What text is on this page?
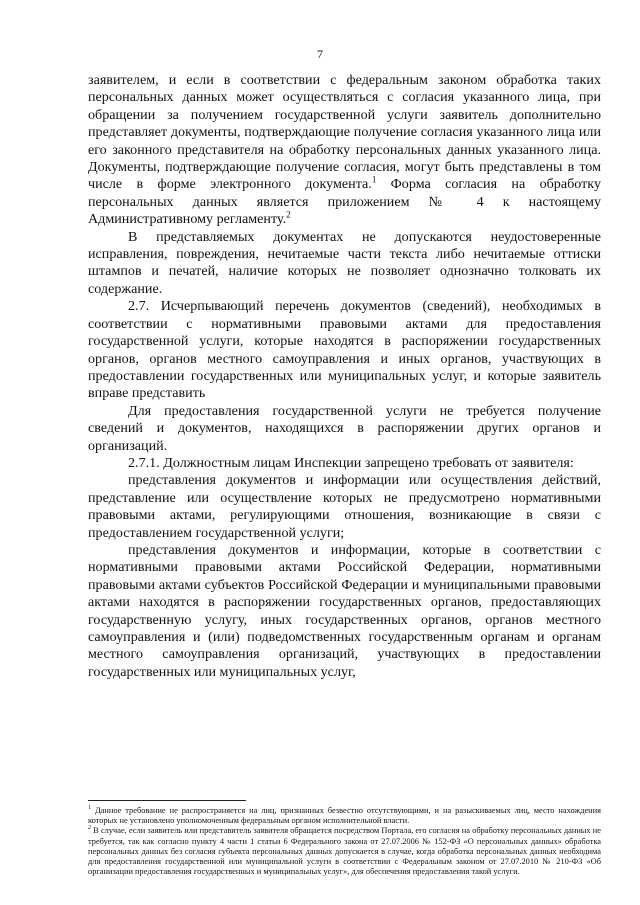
7

заявителем, и если в соответствии с федеральным законом обработка таких персональных данных может осуществляться с согласия указанного лица, при обращении за получением государственной услуги заявитель дополнительно представляет документы, подтверждающие получение согласия указанного лица или его законного представителя на обработку персональных данных указанного лица. Документы, подтверждающие получение согласия, могут быть представлены в том числе в форме электронного документа.$^1$ Форма согласия на обработку персональных данных является приложением № 4 к настоящему Административному регламенту.$^2$

В представляемых документах не допускаются неудостоверенные исправления, повреждения, нечитаемые части текста либо нечитаемые оттиски штампов и печатей, наличие которых не позволяет однозначно толковать их содержание.

2.7. Исчерпывающий перечень документов (сведений), необходимых в соответствии с нормативными правовыми актами для предоставления государственной услуги, которые находятся в распоряжении государственных органов, органов местного самоуправления и иных органов, участвующих в предоставлении государственных или муниципальных услуг, и которые заявитель вправе представить

Для предоставления государственной услуги не требуется получение сведений и документов, находящихся в распоряжении других органов и организаций.

2.7.1. Должностным лицам Инспекции запрещено требовать от заявителя:

представления документов и информации или осуществления действий, представление или осуществление которых не предусмотрено нормативными правовыми актами, регулирующими отношения, возникающие в связи с предоставлением государственной услуги;

представления документов и информации, которые в соответствии с нормативными правовыми актами Российской Федерации, нормативными правовыми актами субъектов Российской Федерации и муниципальными правовыми актами находятся в распоряжении государственных органов, предоставляющих государственную услугу, иных государственных органов, органов местного самоуправления и (или) подведомственных государственным органам и органам местного самоуправления организаций, участвующих в предоставлении государственных или муниципальных услуг,

$^1$ Данное требование не распространяется на лиц, признанных безвестно отсутствующими, и на разыскиваемых лиц, место нахождения которых не установлено уполномоченным федеральным органом исполнительной власти.

$^2$ В случае, если заявитель или представитель заявителя обращается посредством Портала, его согласия на обработку персональных данных не требуется, так как согласно пункту 4 части 1 статьи 6 Федерального закона от 27.07.2006 № 152-ФЗ «О персональных данных» обработка персональных данных без согласия субъекта персональных данных допускается в случае, когда обработка персональных данных необходима для предоставления государственной или муниципальной услуги в соответствии с Федеральным законом от 27.07.2010 № 210-ФЗ «Об организации предоставления государственных и муниципальных услуг», для обеспечения предоставления такой услуги.
